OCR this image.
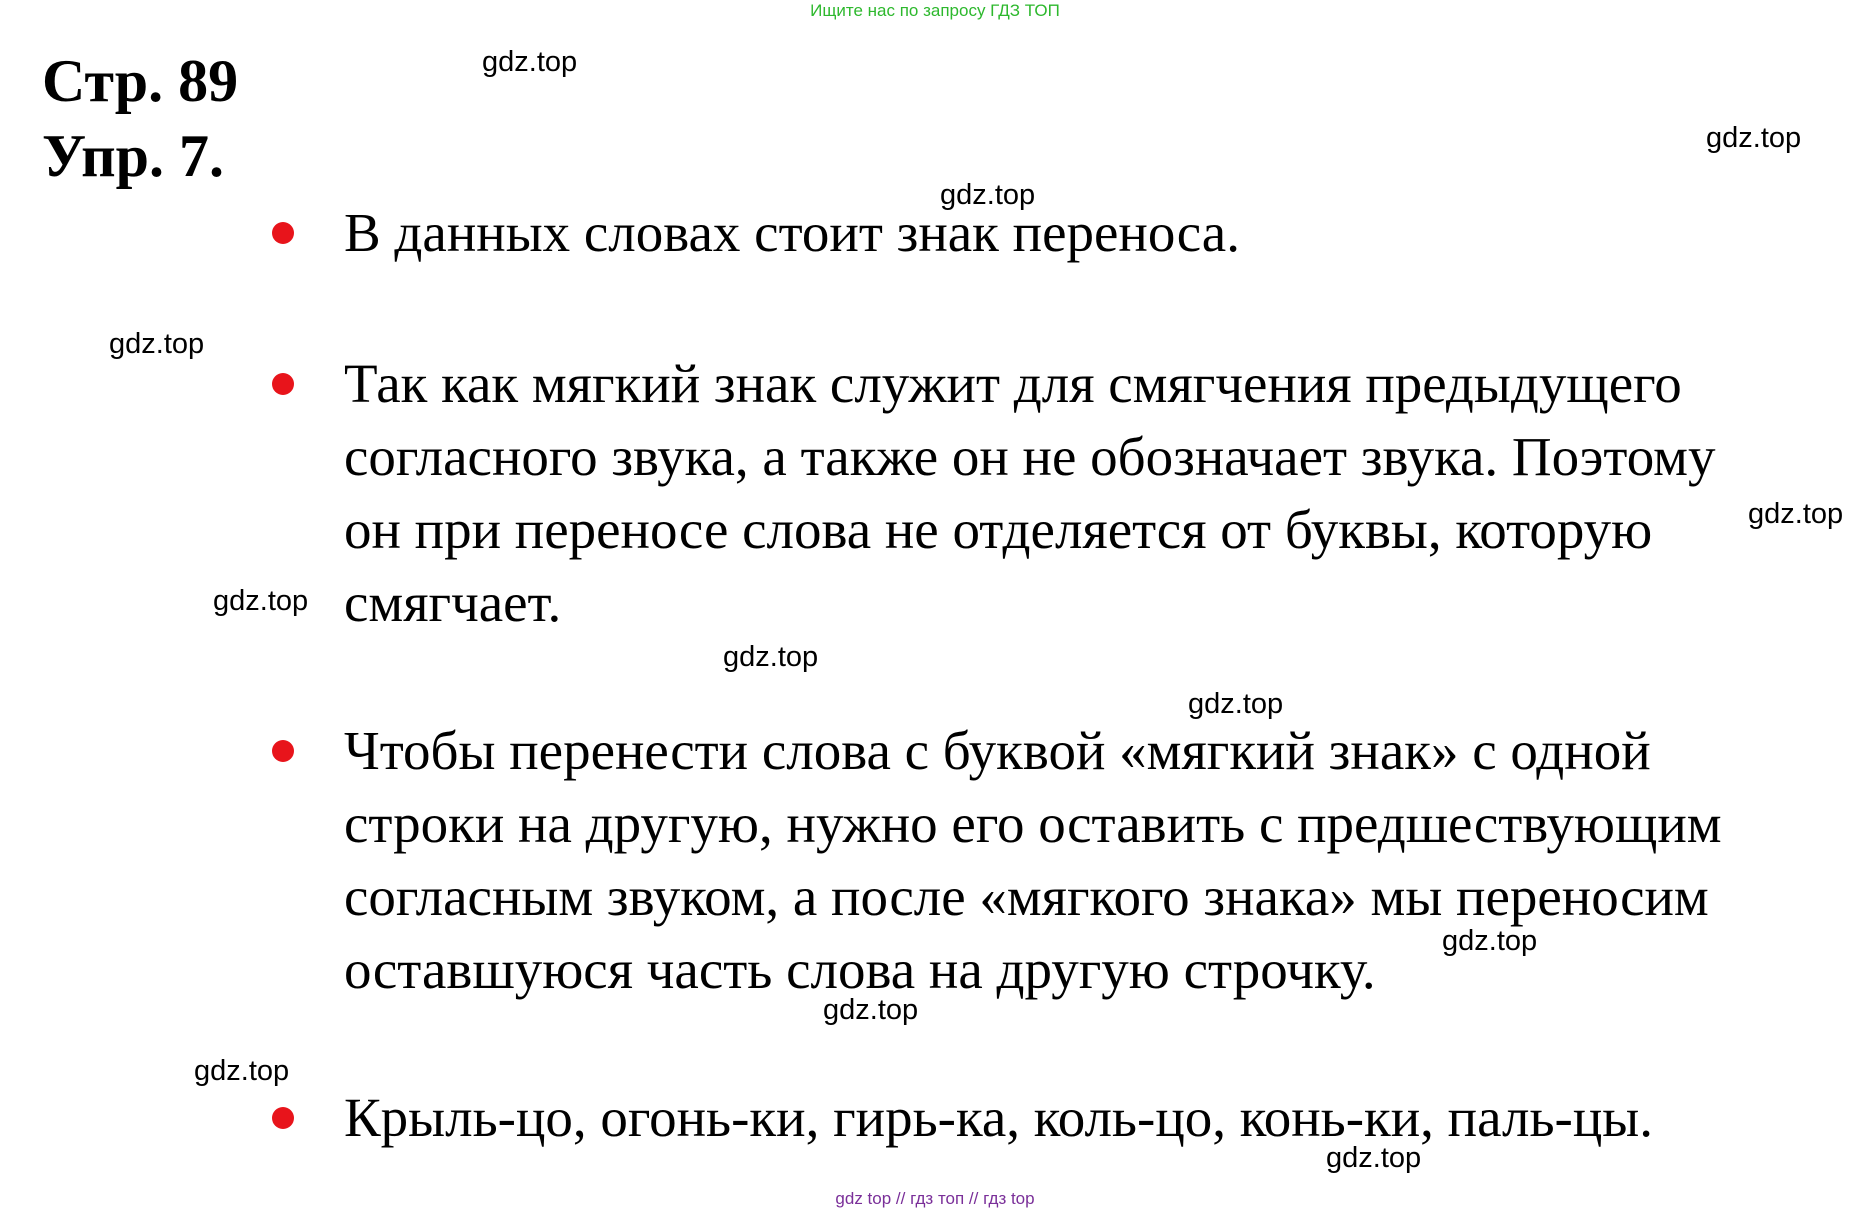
Ищите нас по запросу ГДЗ ТОП
Стр. 89
Упр. 7.
В данных словах стоит знак переноса.
Так как мягкий знак служит для смягчения предыдущего
согласного звука, а также он не обозначает звука. Поэтому
он при переносе слова не отделяется от буквы, которую
смягчает.
Чтобы перенести слова с буквой «мягкий знак» с одной
строки на другую, нужно его оставить с предшествующим
согласным звуком, а после «мягкого знака» мы переносим
оставшуюся часть слова на другую строчку.
Крыль-цо, огонь-ки, гирь-ка, коль-цо, конь-ки, паль-цы.
gdz.top
gdz.top
gdz.top
gdz.top
gdz.top
gdz.top
gdz.top
gdz.top
gdz.top
gdz.top
gdz.top
gdz.top
gdz top // гдз топ // гдз top
